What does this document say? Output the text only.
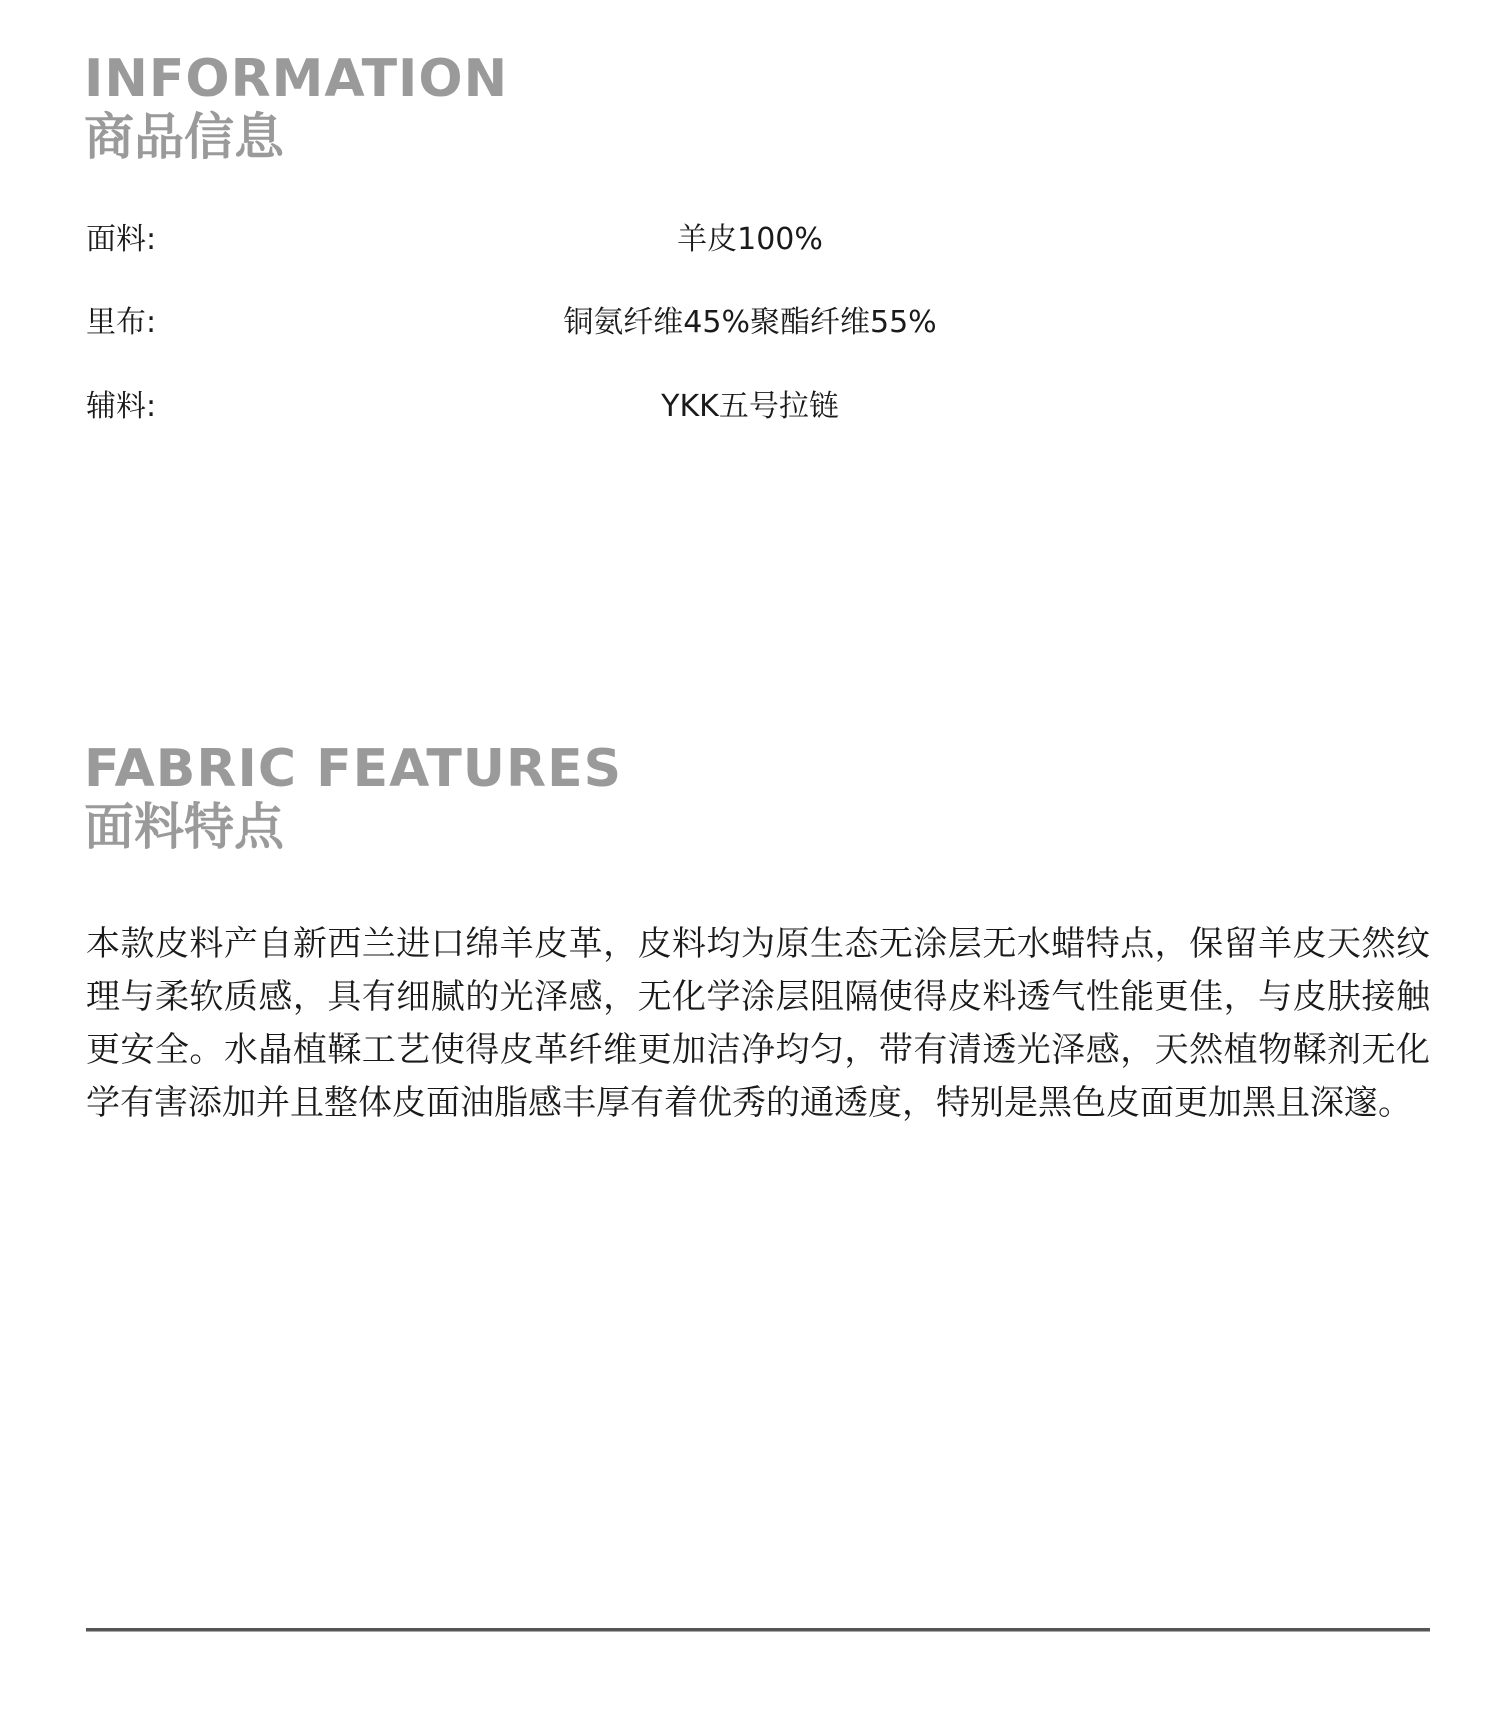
INFORMATION
商品信息
面料:	羊皮100%
里布:	铜氨纤维45%聚酯纤维55%
辅料:	YKK五号拉链
FABRIC FEATURES
面料特点
本款皮料产自新西兰进口绵羊皮革，皮料均为原生态无涂层无水蜡特点，保留羊皮天然纹理与柔软质感，具有细腻的光泽感，无化学涂层阻隔使得皮料透气性能更佳，与皮肤接触更安全。水晶植鞣工艺使得皮革纤维更加洁净均匀，带有清透光泽感，天然植物鞣剂无化学有害添加并且整体皮面油脂感丰厚有着优秀的通透度，特别是黑色皮面更加黑且深邃。
